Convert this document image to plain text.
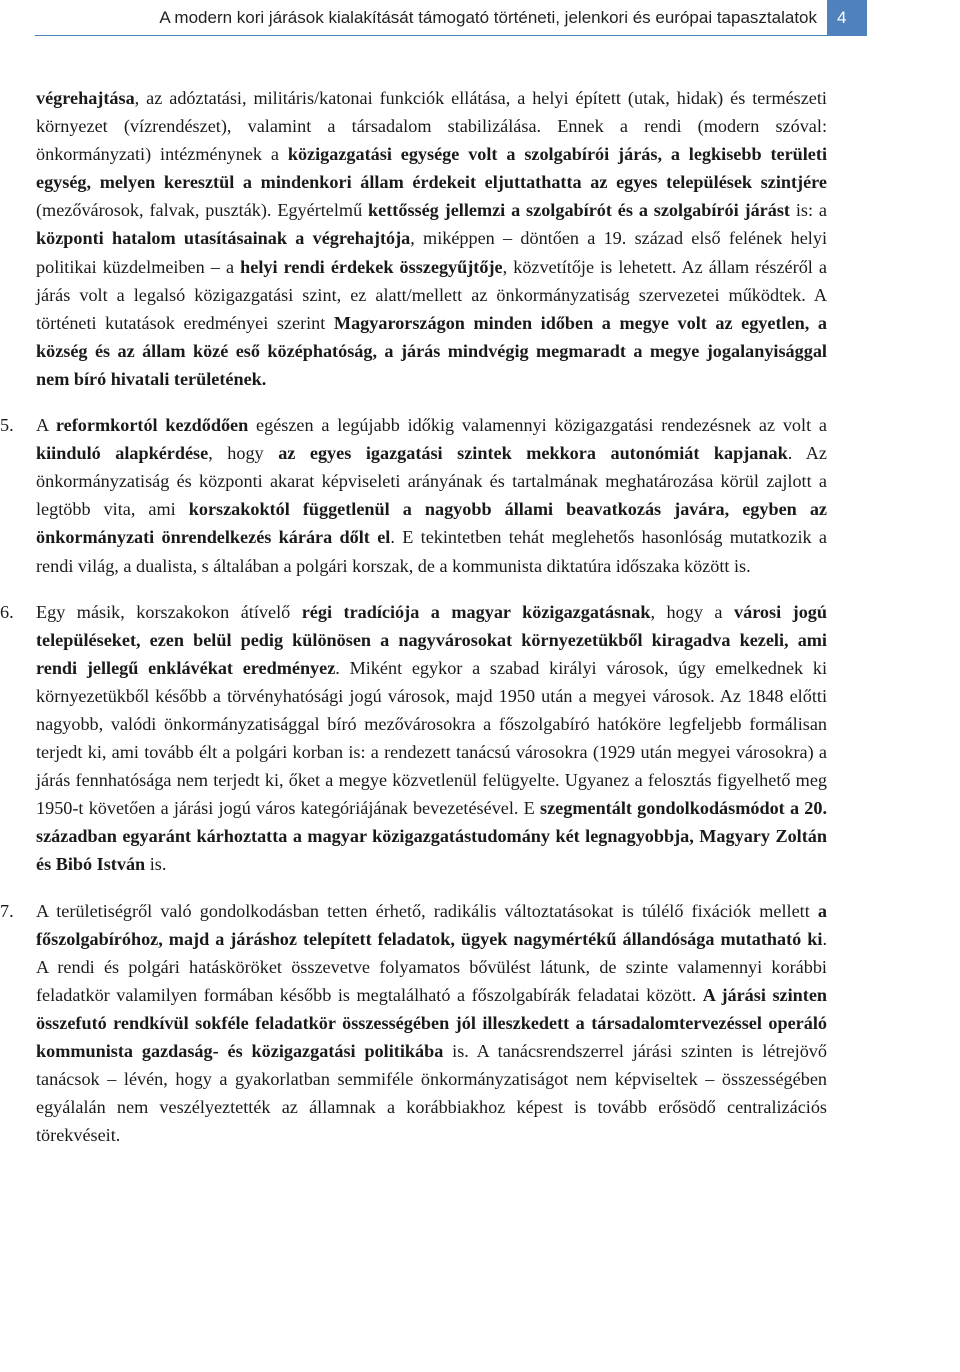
A modern kori járások kialakítását támogató történeti, jelenkori és európai tapasztalatok	4

végrehajtása, az adóztatási, militáris/katonai funkciók ellátása, a helyi épített (utak, hidak) és természeti környezet (vízrendészet), valamint a társadalom stabilizálása. Ennek a rendi (modern szóval: önkormányzati) intézménynek a közigazgatási egysége volt a szolgabírói járás, a legkisebb területi egység, melyen keresztül a mindenkori állam érdekeit eljuttathatta az egyes települések szintjére (mezővárosok, falvak, puszták). Egyértelmű kettősség jellemzi a szolgabírót és a szolgabírói járást is: a központi hatalom utasításainak a végrehajtója, miképpen – döntően a 19. század első felének helyi politikai küzdelmeiben – a helyi rendi érdekek összegyűjtője, közvetítője is lehetett. Az állam részéről a járás volt a legalsó közigazgatási szint, ez alatt/mellett az önkormányzatiság szervezetei működtek. A történeti kutatások eredményei szerint Magyarországon minden időben a megye volt az egyetlen, a község és az állam közé eső középhatóság, a járás mindvégig megmaradt a megye jogalanyisággal nem bíró hivatali területének.

5. A reformkortól kezdődően egészen a legújabb időkig valamennyi közigazgatási rendezésnek az volt a kiinduló alapkérdése, hogy az egyes igazgatási szintek mekkora autonómiát kapjanak. Az önkormányzatiság és központi akarat képviseleti arányának és tartalmának meghatározása körül zajlott a legtöbb vita, ami korszakoktól függetlenül a nagyobb állami beavatkozás javára, egyben az önkormányzati önrendelkezés kárára dőlt el. E tekintetben tehát meglehetős hasonlóság mutatkozik a rendi világ, a dualista, s általában a polgári korszak, de a kommunista diktatúra időszaka között is.

6. Egy másik, korszakokon átívelő régi tradíciója a magyar közigazgatásnak, hogy a városi jogú településeket, ezen belül pedig különösen a nagyvárosokat környezetükből kiragadva kezeli, ami rendi jellegű enklávékat eredményez. Miként egykor a szabad királyi városok, úgy emelkednek ki környezetükből később a törvényhatósági jogú városok, majd 1950 után a megyei városok. Az 1848 előtti nagyobb, valódi önkormányzatisággal bíró mezővárosokra a főszolgabíró hatóköre legfeljebb formálisan terjedt ki, ami tovább élt a polgári korban is: a rendezett tanácsú városokra (1929 után megyei városokra) a járás fennhatósága nem terjedt ki, őket a megye közvetlenül felügyelte. Ugyanez a felosztás figyelhető meg 1950-t követően a járási jogú város kategóriájának bevezetésével. E szegmentált gondolkodásmódot a 20. században egyaránt kárhoztatta a magyar közigazgatástudomány két legnagyobbja, Magyary Zoltán és Bibó István is.

7. A területiségről való gondolkodásban tetten érhető, radikális változtatásokat is túlélő fixációk mellett a főszolgabíróhoz, majd a járáshoz telepített feladatok, ügyek nagymértékű állandósága mutatható ki. A rendi és polgári hatásköröket összevetve folyamatos bővülést látunk, de szinte valamennyi korábbi feladatkör valamilyen formában később is megtalálható a főszolgabírák feladatai között. A járási szinten összefutó rendkívül sokféle feladatkör összességében jól illeszkedett a társadalomtervezéssel operáló kommunista gazdaság- és közigazgatási politikába is. A tanácsrendszerrel járási szinten is létrejövő tanácsok – lévén, hogy a gyakorlatban semmiféle önkormányzatiságot nem képviseltek – összességében egyálalán nem veszélyeztették az államnak a korábbiakhoz képest is tovább erősödő centralizációs törekvéseit.
